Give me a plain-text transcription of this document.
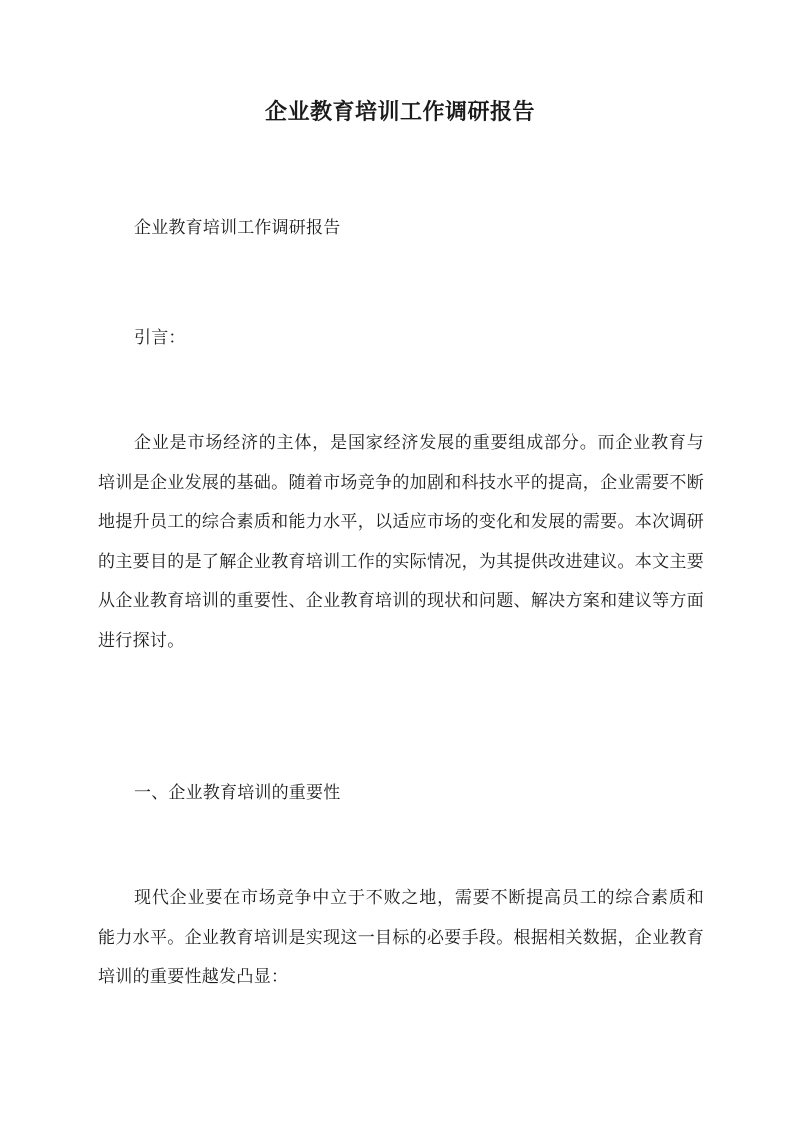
企业教育培训工作调研报告

企业教育培训工作调研报告

引言：

企业是市场经济的主体，是国家经济发展的重要组成部分。而企业教育与培训是企业发展的基础。随着市场竞争的加剧和科技水平的提高，企业需要不断地提升员工的综合素质和能力水平，以适应市场的变化和发展的需要。本次调研的主要目的是了解企业教育培训工作的实际情况，为其提供改进建议。本文主要从企业教育培训的重要性、企业教育培训的现状和问题、解决方案和建议等方面进行探讨。

一、企业教育培训的重要性

现代企业要在市场竞争中立于不败之地，需要不断提高员工的综合素质和能力水平。企业教育培训是实现这一目标的必要手段。根据相关数据，企业教育培训的重要性越发凸显：
